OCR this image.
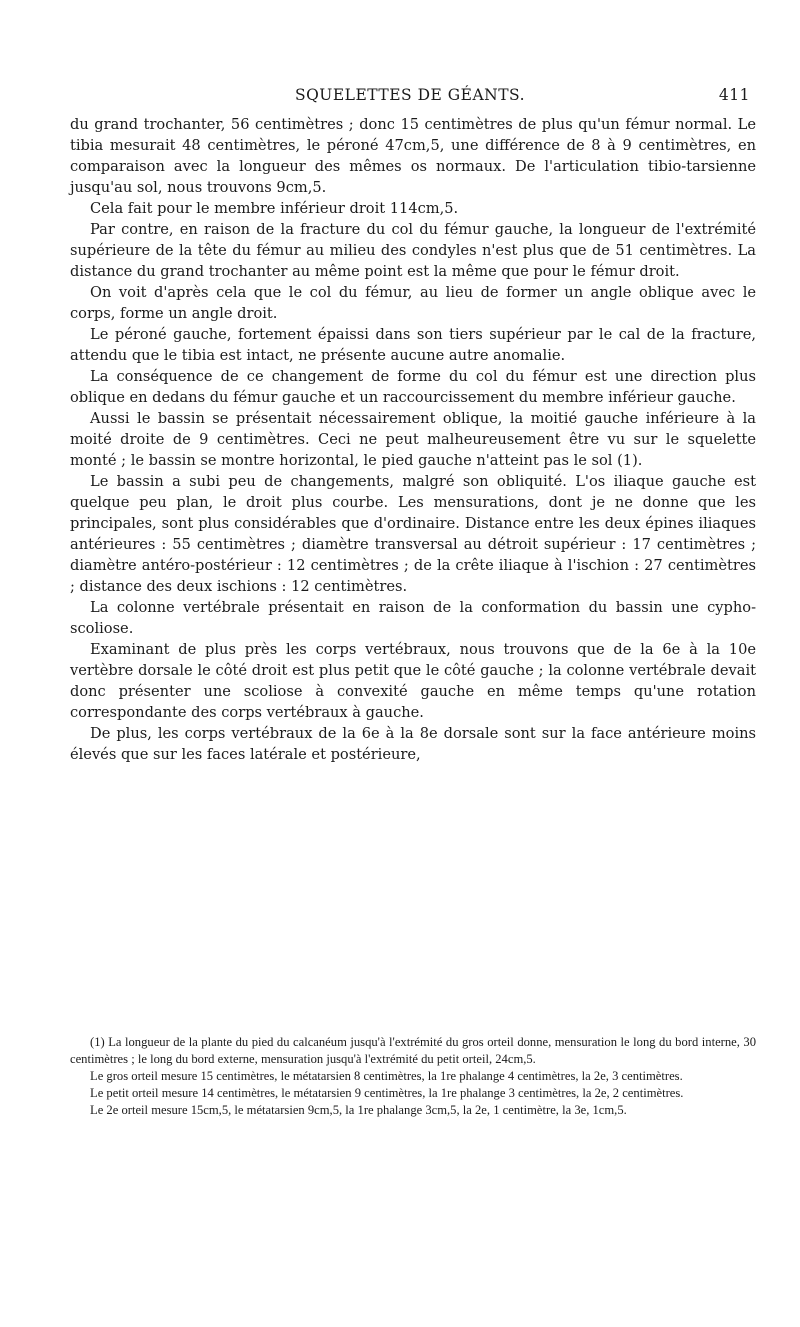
SQUELETTES DE GÉANTS.	411

du grand trochanter, 56 centimètres ; donc 15 centimètres de plus qu'un fémur normal. Le tibia mesurait 48 centimètres, le péroné 47cm,5, une différence de 8 à 9 centimètres, en comparaison avec la longueur des mêmes os normaux. De l'articulation tibio-tarsienne jusqu'au sol, nous trouvons 9cm,5.

Cela fait pour le membre inférieur droit 114cm,5.

Par contre, en raison de la fracture du col du fémur gauche, la longueur de l'extrémité supérieure de la tête du fémur au milieu des condyles n'est plus que de 51 centimètres. La distance du grand trochanter au même point est la même que pour le fémur droit.

On voit d'après cela que le col du fémur, au lieu de former un angle oblique avec le corps, forme un angle droit.

Le péroné gauche, fortement épaissi dans son tiers supérieur par le cal de la fracture, attendu que le tibia est intact, ne présente aucune autre anomalie.

La conséquence de ce changement de forme du col du fémur est une direction plus oblique en dedans du fémur gauche et un raccourcissement du membre inférieur gauche.

Aussi le bassin se présentait nécessairement oblique, la moitié gauche inférieure à la moité droite de 9 centimètres. Ceci ne peut malheureusement être vu sur le squelette monté ; le bassin se montre horizontal, le pied gauche n'atteint pas le sol (1).

Le bassin a subi peu de changements, malgré son obliquité. L'os iliaque gauche est quelque peu plan, le droit plus courbe. Les mensurations, dont je ne donne que les principales, sont plus considérables que d'ordinaire. Distance entre les deux épines iliaques antérieures : 55 centimètres ; diamètre transversal au détroit supérieur : 17 centimètres ; diamètre antéro-postérieur : 12 centimètres ; de la crête iliaque à l'ischion : 27 centimètres ; distance des deux ischions : 12 centimètres.

La colonne vertébrale présentait en raison de la conformation du bassin une cypho-scoliose.

Examinant de plus près les corps vertébraux, nous trouvons que de la 6e à la 10e vertèbre dorsale le côté droit est plus petit que le côté gauche ; la colonne vertébrale devait donc présenter une scoliose à convexité gauche en même temps qu'une rotation correspondante des corps vertébraux à gauche.

De plus, les corps vertébraux de la 6e à la 8e dorsale sont sur la face antérieure moins élevés que sur les faces latérale et postérieure,

(1) La longueur de la plante du pied du calcanéum jusqu'à l'extrémité du gros orteil donne, mensuration le long du bord interne, 30 centimètres ; le long du bord externe, mensuration jusqu'à l'extrémité du petit orteil, 24cm,5.

Le gros orteil mesure 15 centimètres, le métatarsien 8 centimètres, la 1re phalange 4 centimètres, la 2e, 3 centimètres.

Le petit orteil mesure 14 centimètres, le métatarsien 9 centimètres, la 1re phalange 3 centimètres, la 2e, 2 centimètres.

Le 2e orteil mesure 15cm,5, le métatarsien 9cm,5, la 1re phalange 3cm,5, la 2e, 1 centimètre, la 3e, 1cm,5.
